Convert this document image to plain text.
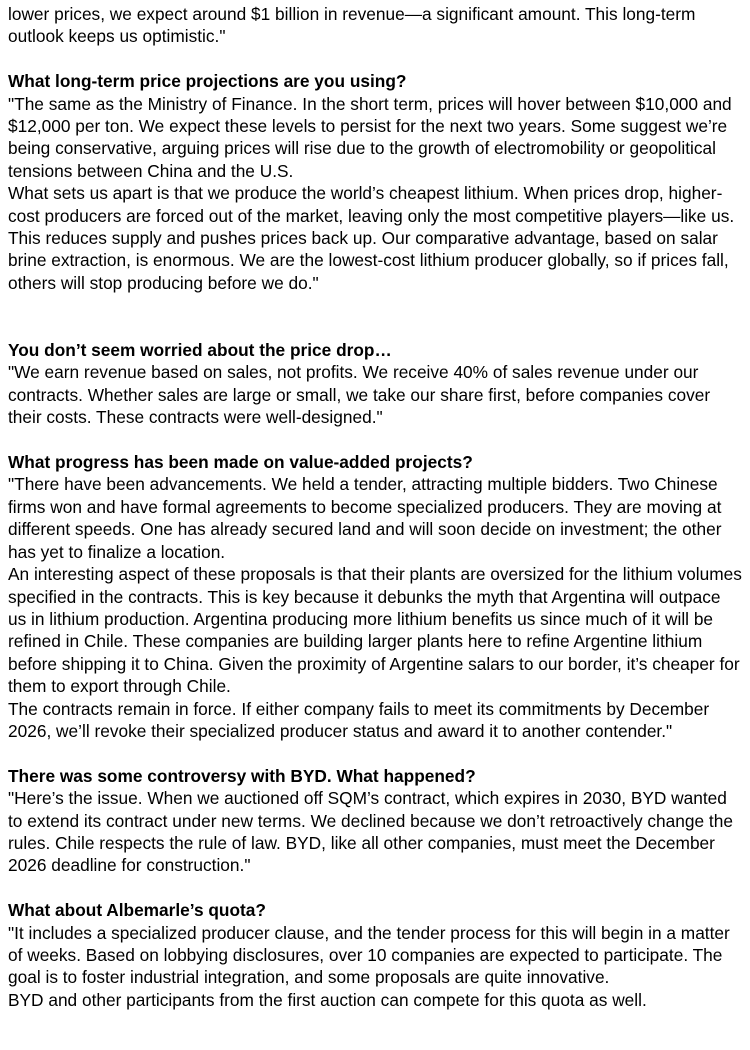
lower prices, we expect around $1 billion in revenue—a significant amount. This long-term outlook keeps us optimistic."

What long-term price projections are you using?

"The same as the Ministry of Finance. In the short term, prices will hover between $10,000 and $12,000 per ton. We expect these levels to persist for the next two years. Some suggest we’re being conservative, arguing prices will rise due to the growth of electromobility or geopolitical tensions between China and the U.S.

What sets us apart is that we produce the world’s cheapest lithium. When prices drop, higher-cost producers are forced out of the market, leaving only the most competitive players—like us. This reduces supply and pushes prices back up. Our comparative advantage, based on salar brine extraction, is enormous. We are the lowest-cost lithium producer globally, so if prices fall, others will stop producing before we do."

You don’t seem worried about the price drop…

"We earn revenue based on sales, not profits. We receive 40% of sales revenue under our contracts. Whether sales are large or small, we take our share first, before companies cover their costs. These contracts were well-designed."

What progress has been made on value-added projects?

"There have been advancements. We held a tender, attracting multiple bidders. Two Chinese firms won and have formal agreements to become specialized producers. They are moving at different speeds. One has already secured land and will soon decide on investment; the other has yet to finalize a location.

An interesting aspect of these proposals is that their plants are oversized for the lithium volumes specified in the contracts. This is key because it debunks the myth that Argentina will outpace us in lithium production. Argentina producing more lithium benefits us since much of it will be refined in Chile. These companies are building larger plants here to refine Argentine lithium before shipping it to China. Given the proximity of Argentine salars to our border, it’s cheaper for them to export through Chile.

The contracts remain in force. If either company fails to meet its commitments by December 2026, we’ll revoke their specialized producer status and award it to another contender."

There was some controversy with BYD. What happened?

"Here’s the issue. When we auctioned off SQM’s contract, which expires in 2030, BYD wanted to extend its contract under new terms. We declined because we don’t retroactively change the rules. Chile respects the rule of law. BYD, like all other companies, must meet the December 2026 deadline for construction."

What about Albemarle’s quota?

"It includes a specialized producer clause, and the tender process for this will begin in a matter of weeks. Based on lobbying disclosures, over 10 companies are expected to participate. The goal is to foster industrial integration, and some proposals are quite innovative.

BYD and other participants from the first auction can compete for this quota as well.
